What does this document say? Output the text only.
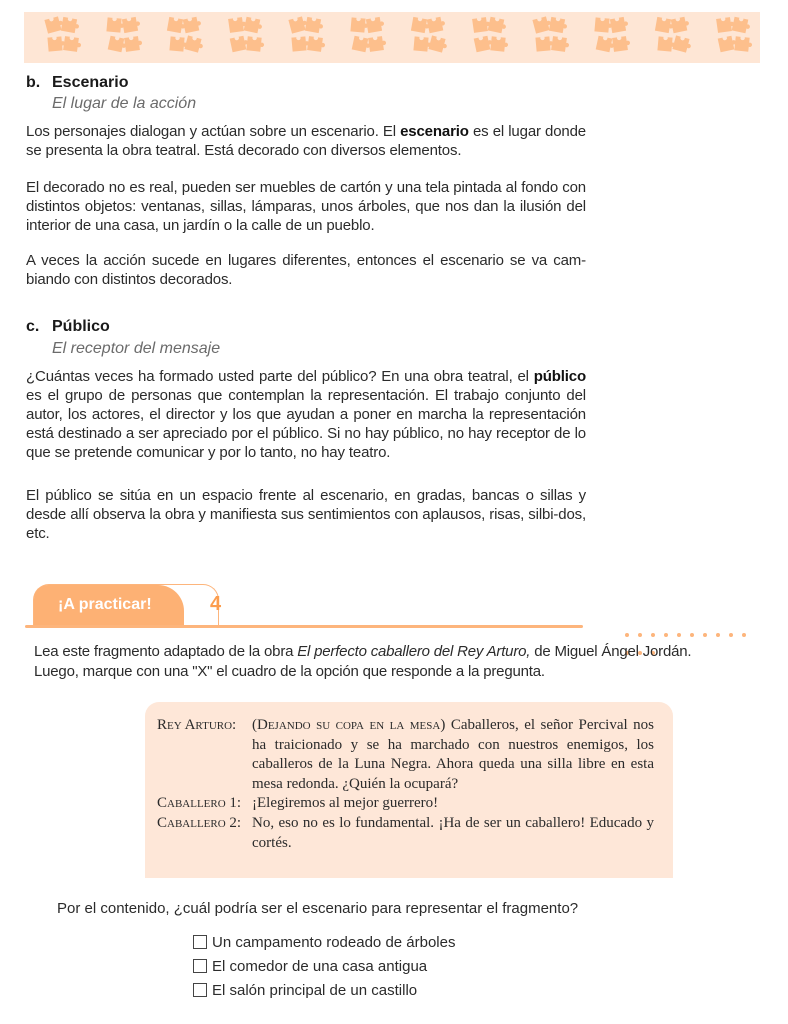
b. Escenario
El lugar de la acción

Los personajes dialogan y actúan sobre un escenario. El escenario es el lugar donde se presenta la obra teatral. Está decorado con diversos elementos.

El decorado no es real, pueden ser muebles de cartón y una tela pintada al fondo con distintos objetos: ventanas, sillas, lámparas, unos árboles, que nos dan la ilusión del interior de una casa, un jardín o la calle de un pueblo.

A veces la acción sucede en lugares diferentes, entonces el escenario se va cam-biando con distintos decorados.

c. Público
El receptor del mensaje

¿Cuántas veces ha formado usted parte del público? En una obra teatral, el público es el grupo de personas que contemplan la representación. El trabajo conjunto del autor, los actores, el director y los que ayudan a poner en marcha la representación está destinado a ser apreciado por el público. Si no hay público, no hay receptor de lo que se pretende comunicar y por lo tanto, no hay teatro.

El público se sitúa en un espacio frente al escenario, en gradas, bancas o sillas y desde allí observa la obra y manifiesta sus sentimientos con aplausos, risas, silbi-dos, etc.

¡A practicar!	4
Lea este fragmento adaptado de la obra El perfecto caballero del Rey Arturo, de Miguel Ángel Jordán.
Luego, marque con una "X" el cuadro de la opción que responde a la pregunta.
Rey Arturo: (Dejando su copa en la mesa) Caballeros, el señor Percival nos ha traicionado y se ha marchado con nuestros enemigos, los caballeros de la Luna Negra. Ahora queda una silla libre en esta mesa redonda. ¿Quién la ocupará?
Caballero 1: ¡Elegiremos al mejor guerrero!
Caballero 2: No, eso no es lo fundamental. ¡Ha de ser un caballero! Educado y cortés.
Por el contenido, ¿cuál podría ser el escenario para representar el fragmento?
Un campamento rodeado de árboles
El comedor de una casa antigua
El salón principal de un castillo
